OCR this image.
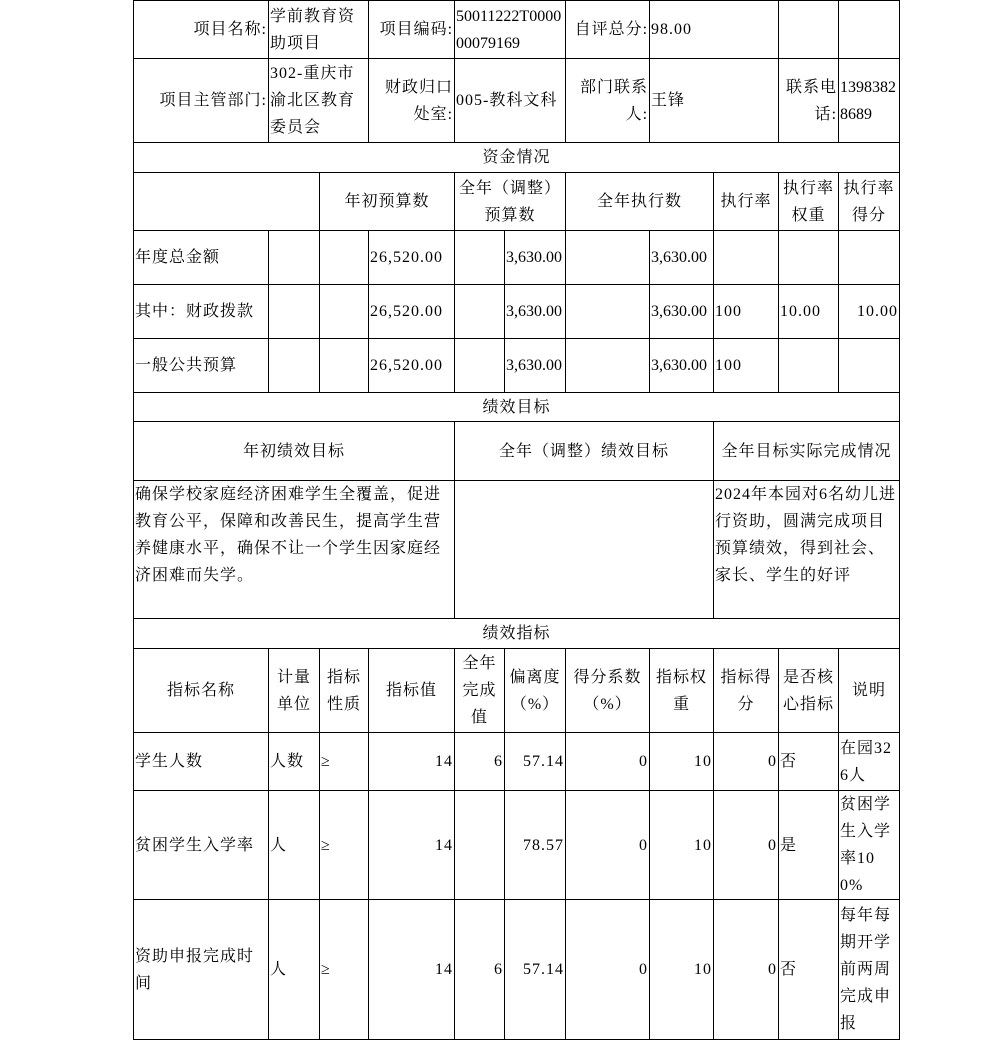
项目名称:	学前教育资助项目		项目编码:	50011222T000000079169		自评总分:	98.00			
项目主管部门:	302-重庆市渝北区教育委员会		财政归口处室:	005-教科文科		部门联系人:	王锋		联系电话:	13983828689
资金情况										
		年初预算数		全年（调整）预算数		全年执行数		执行率	执行率权重	执行率得分
年度总金额			26,520.00		3,630.00		3,630.00			
其中：财政拨款			26,520.00		3,630.00		3,630.00	100	10.00	10.00
一般公共预算			26,520.00		3,630.00		3,630.00	100		
绩效目标										
年初绩效目标				全年（调整）绩效目标				全年目标实际完成情况		
确保学校家庭经济困难学生全覆盖，促进教育公平，保障和改善民生，提高学生营养健康水平，确保不让一个学生因家庭经济困难而失学。								2024年本园对6名幼儿进行资助，圆满完成项目预算绩效，得到社会、家长、学生的好评		
绩效指标										
指标名称	计量单位	指标性质	指标值	全年完成值	偏离度（%）	得分系数（%）	指标权重	指标得分	是否核心指标	说明
学生人数	人数	≥	14	6	57.14	0	10	0	否	在园326人
贫困学生入学率	人	≥	14		78.57	0	10	0	是	贫困学生入学率100%
资助申报完成时间	人	≥	14	6	57.14	0	10	0	否	每年每期开学前两周完成申报
